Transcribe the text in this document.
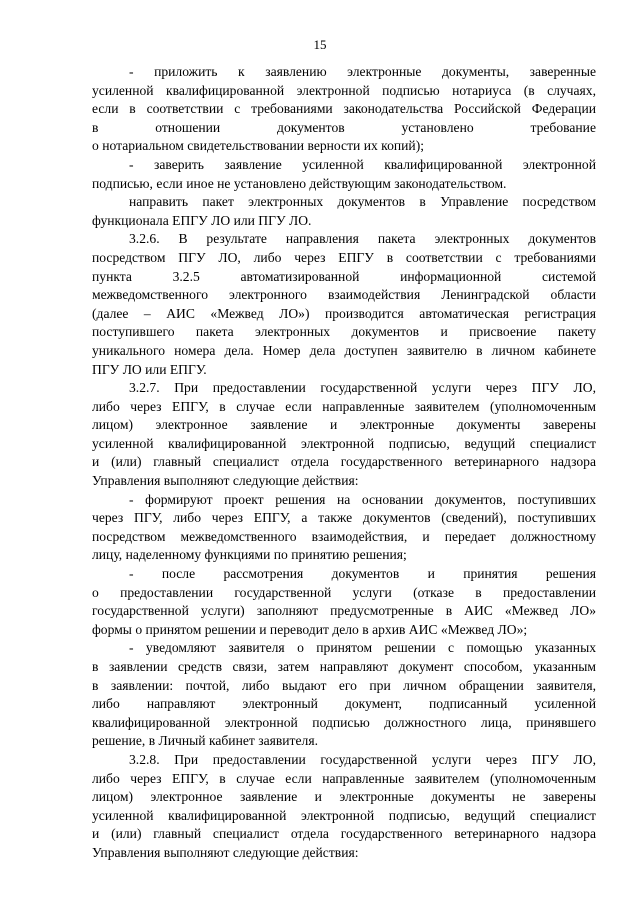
15
- приложить к заявлению электронные документы, заверенные
усиленной квалифицированной электронной подписью нотариуса (в случаях,
если в соответствии с требованиями законодательства Российской Федерации
в отношении документов установлено требование
о нотариальном свидетельствовании верности их копий);
- заверить заявление усиленной квалифицированной электронной
подписью, если иное не установлено действующим законодательством.
направить пакет электронных документов в Управление посредством
функционала ЕПГУ ЛО или ПГУ ЛО.
3.2.6. В результате направления пакета электронных документов
посредством ПГУ ЛО, либо через ЕПГУ в соответствии с требованиями
пункта 3.2.5 автоматизированной информационной системой
межведомственного электронного взаимодействия Ленинградской области
(далее – АИС «Межвед ЛО») производится автоматическая регистрация
поступившего пакета электронных документов и присвоение пакету
уникального номера дела. Номер дела доступен заявителю в личном кабинете
ПГУ ЛО или ЕПГУ.
3.2.7. При предоставлении государственной услуги через ПГУ ЛО,
либо через ЕПГУ, в случае если направленные заявителем (уполномоченным
лицом) электронное заявление и электронные документы заверены
усиленной квалифицированной электронной подписью, ведущий специалист
и (или) главный специалист отдела государственного ветеринарного надзора
Управления выполняют следующие действия:
- формируют проект решения на основании документов, поступивших
через ПГУ, либо через ЕПГУ, а также документов (сведений), поступивших
посредством межведомственного взаимодействия, и передает должностному
лицу, наделенному функциями по принятию решения;
- после рассмотрения документов и принятия решения
о предоставлении государственной услуги (отказе в предоставлении
государственной услуги) заполняют предусмотренные в АИС «Межвед ЛО»
формы о принятом решении и переводит дело в архив АИС «Межвед ЛО»;
- уведомляют заявителя о принятом решении с помощью указанных
в заявлении средств связи, затем направляют документ способом, указанным
в заявлении: почтой, либо выдают его при личном обращении заявителя,
либо направляют электронный документ, подписанный усиленной
квалифицированной электронной подписью должностного лица, принявшего
решение, в Личный кабинет заявителя.
3.2.8. При предоставлении государственной услуги через ПГУ ЛО,
либо через ЕПГУ, в случае если направленные заявителем (уполномоченным
лицом) электронное заявление и электронные документы не заверены
усиленной квалифицированной электронной подписью, ведущий специалист
и (или) главный специалист отдела государственного ветеринарного надзора
Управления выполняют следующие действия:
